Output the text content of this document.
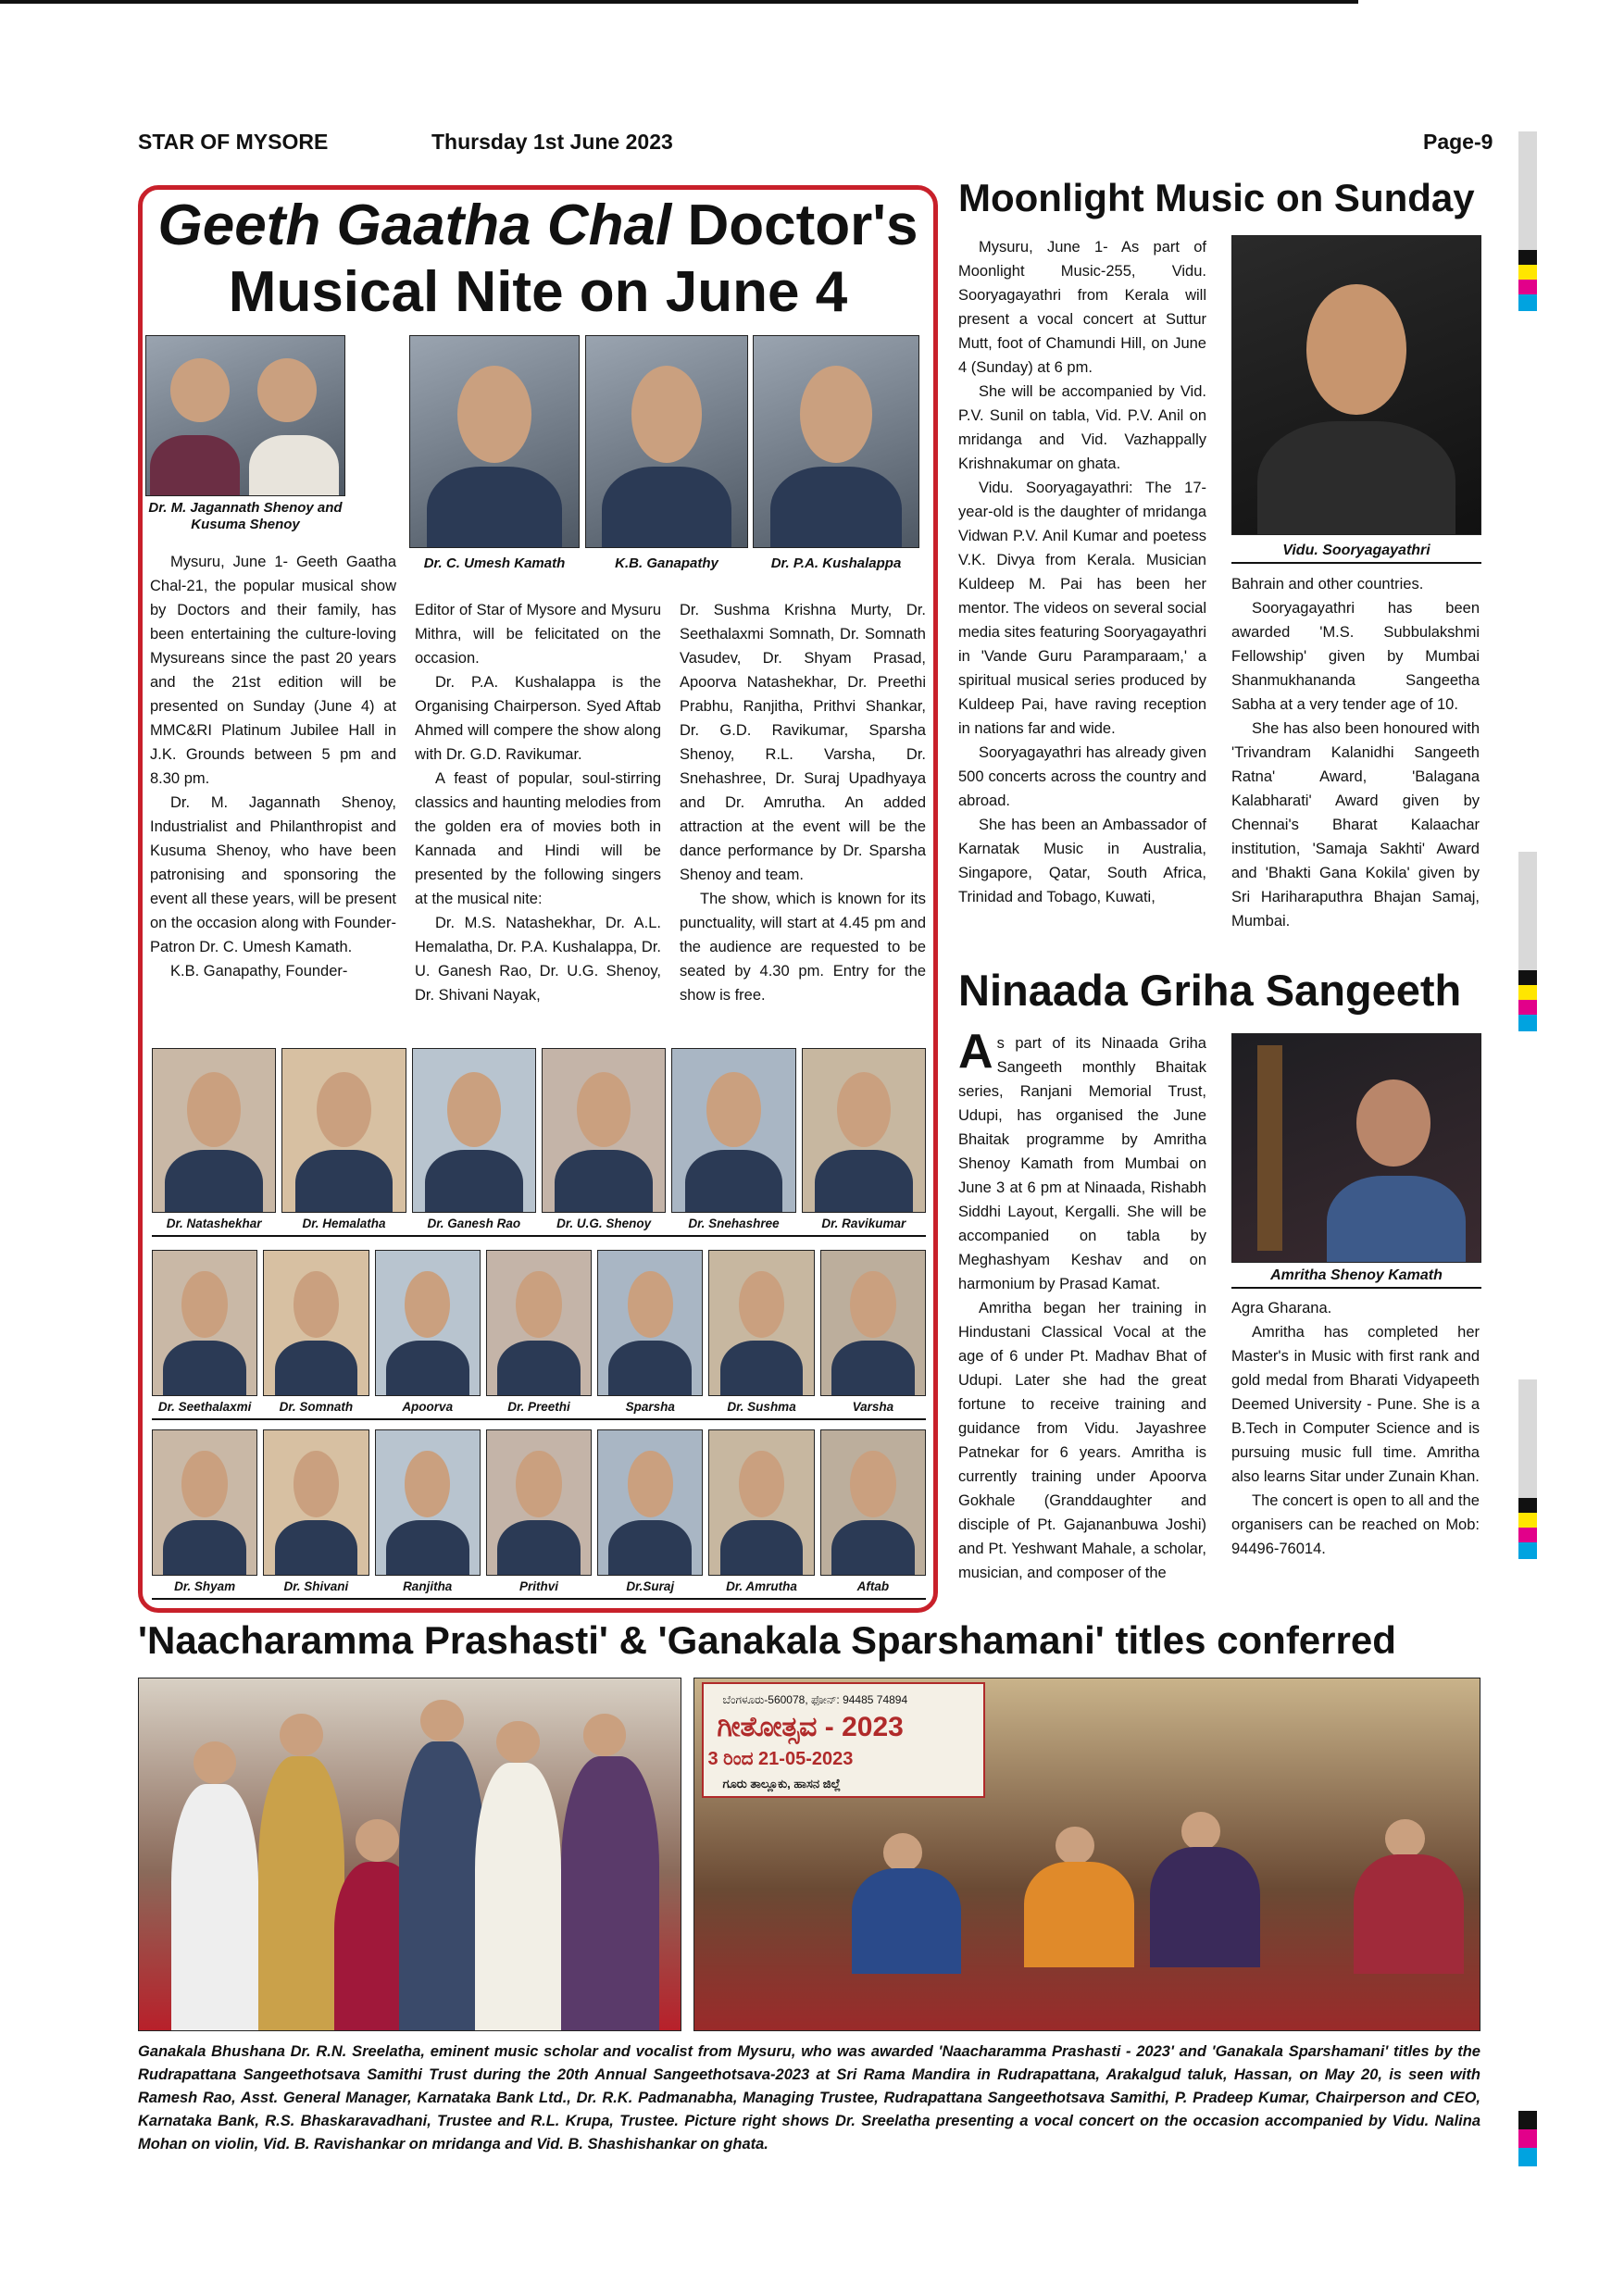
STAR OF MYSORE	Thursday 1st June 2023	Page-9
Geeth Gaatha Chal Doctor's
Musical Nite on June 4
Dr. M. Jagannath Shenoy and Kusuma Shenoy
Dr. C. Umesh Kamath	K.B. Ganapathy	Dr. P.A. Kushalappa

Mysuru, June 1- Geeth Gaatha Chal-21, the popular musical show by Doctors and their family, has been entertaining the culture-loving Mysureans since the past 20 years and the 21st edition will be presented on Sunday (June 4) at MMC&RI Platinum Jubilee Hall in J.K. Grounds between 5 pm and 8.30 pm.

Dr. M. Jagannath Shenoy, Industrialist and Philanthropist and Kusuma Shenoy, who have been patronising and sponsoring the event all these years, will be present on the occasion along with Founder-Patron Dr. C. Umesh Kamath.

K.B. Ganapathy, Founder-

Editor of Star of Mysore and Mysuru Mithra, will be felicitated on the occasion.

Dr. P.A. Kushalappa is the Organising Chairperson. Syed Aftab Ahmed will compere the show along with Dr. G.D. Ravikumar.

A feast of popular, soul-stirring classics and haunting melodies from the golden era of movies both in Kannada and Hindi will be presented by the following singers at the musical nite:

Dr. M.S. Natashekhar, Dr. A.L. Hemalatha, Dr. P.A. Kushalappa, Dr. U. Ganesh Rao, Dr. U.G. Shenoy, Dr. Shivani Nayak,

Dr. Sushma Krishna Murty, Dr. Seethalaxmi Somnath, Dr. Somnath Vasudev, Dr. Shyam Prasad, Apoorva Natashekhar, Dr. Preethi Prabhu, Ranjitha, Prithvi Shankar, Dr. G.D. Ravikumar, Sparsha Shenoy, R.L. Varsha, Dr. Snehashree, Dr. Suraj Upadhyaya and Dr. Amrutha. An added attraction at the event will be the dance performance by Dr. Sparsha Shenoy and team.

The show, which is known for its punctuality, will start at 4.45 pm and the audience are requested to be seated by 4.30 pm. Entry for the show is free.

Dr. Natashekhar	Dr. Hemalatha	Dr. Ganesh Rao	Dr. U.G. Shenoy	Dr. Snehashree	Dr. Ravikumar
Dr. Seethalaxmi	Dr. Somnath	Apoorva	Dr. Preethi	Sparsha	Dr. Sushma	Varsha
Dr. Shyam	Dr. Shivani	Ranjitha	Prithvi	Dr.Suraj	Dr. Amrutha	Aftab
Moonlight Music on Sunday

Mysuru, June 1- As part of Moonlight Music-255, Vidu. Sooryagayathri from Kerala will present a vocal concert at Suttur Mutt, foot of Chamundi Hill, on June 4 (Sunday) at 6 pm.

She will be accompanied by Vid. P.V. Sunil on tabla, Vid. P.V. Anil on mridanga and Vid. Vazhappally Krishnakumar on ghata.

Vidu. Sooryagayathri: The 17-year-old is the daughter of mridanga Vidwan P.V. Anil Kumar and poetess V.K. Divya from Kerala. Musician Kuldeep M. Pai has been her mentor. The videos on several social media sites featuring Sooryagayathri in 'Vande Guru Paramparaam,' a spiritual musical series produced by Kuldeep Pai, have raving reception in nations far and wide.

Sooryagayathri has already given 500 concerts across the country and abroad.

She has been an Ambassador of Karnatak Music in Australia, Singapore, Qatar, South Africa, Trinidad and Tobago, Kuwati,

Vidu. Sooryagayathri

Bahrain and other countries.

Sooryagayathri has been awarded 'M.S. Subbulakshmi Fellowship' given by Mumbai Shanmukhananda Sangeetha Sabha at a very tender age of 10.

She has also been honoured with 'Trivandram Kalanidhi Sangeeth Ratna' Award, 'Balagana Kalabharati' Award given by Chennai's Bharat Kalaachar institution, 'Samaja Sakhti' Award and 'Bhakti Gana Kokila' given by Sri Hariharaputhra Bhajan Samaj, Mumbai.

Ninaada Griha Sangeeth

As part of its Ninaada Griha Sangeeth monthly Bhaitak series, Ranjani Memorial Trust, Udupi, has organised the June Bhaitak programme by Amritha Shenoy Kamath from Mumbai on June 3 at 6 pm at Ninaada, Rishabh Siddhi Layout, Kergalli. She will be accompanied on tabla by Meghashyam Keshav and on harmonium by Prasad Kamat.

Amritha began her training in Hindustani Classical Vocal at the age of 6 under Pt. Madhav Bhat of Udupi. Later she had the great fortune to receive training and guidance from Vidu. Jayashree Patnekar for 6 years. Amritha is currently training under Apoorva Gokhale (Granddaughter and disciple of Pt. Gajananbuwa Joshi) and Pt. Yeshwant Mahale, a scholar, musician, and composer of the

Amritha Shenoy Kamath

Agra Gharana.

Amritha has completed her Master's in Music with first rank and gold medal from Bharati Vidyapeeth Deemed University - Pune. She is a B.Tech in Computer Science and is pursuing music full time. Amritha also learns Sitar under Zunain Khan.

The concert is open to all and the organisers can be reached on Mob: 94496-76014.

'Naacharamma Prashasti' & 'Ganakala Sparshamani' titles conferred
ಬೆಂಗಳೂರು-560078, ಫೋನ್: 94485 74894
ಗೀತೋತ್ಸವ - 2023
3 ರಿಂದ 21-05-2023
ಗೂರು ತಾಲ್ಲೂಕು, ಹಾಸನ ಜಿಲ್ಲೆ
Ganakala Bhushana Dr. R.N. Sreelatha, eminent music scholar and vocalist from Mysuru, who was awarded 'Naacharamma Prashasti - 2023' and 'Ganakala Sparshamani' titles by the Rudrapattana Sangeethotsava Samithi Trust during the 20th Annual Sangeethotsava-2023 at Sri Rama Mandira in Rudrapattana, Arakalgud taluk, Hassan, on May 20, is seen with Ramesh Rao, Asst. General Manager, Karnataka Bank Ltd., Dr. R.K. Padmanabha, Managing Trustee, Rudrapattana Sangeethotsava Samithi, P. Pradeep Kumar, Chairperson and CEO, Karnataka Bank, R.S. Bhaskaravadhani, Trustee and R.L. Krupa, Trustee. Picture right shows Dr. Sreelatha presenting a vocal concert on the occasion accompanied by Vidu. Nalina Mohan on violin, Vid. B. Ravishankar on mridanga and Vid. B. Shashishankar on ghata.
